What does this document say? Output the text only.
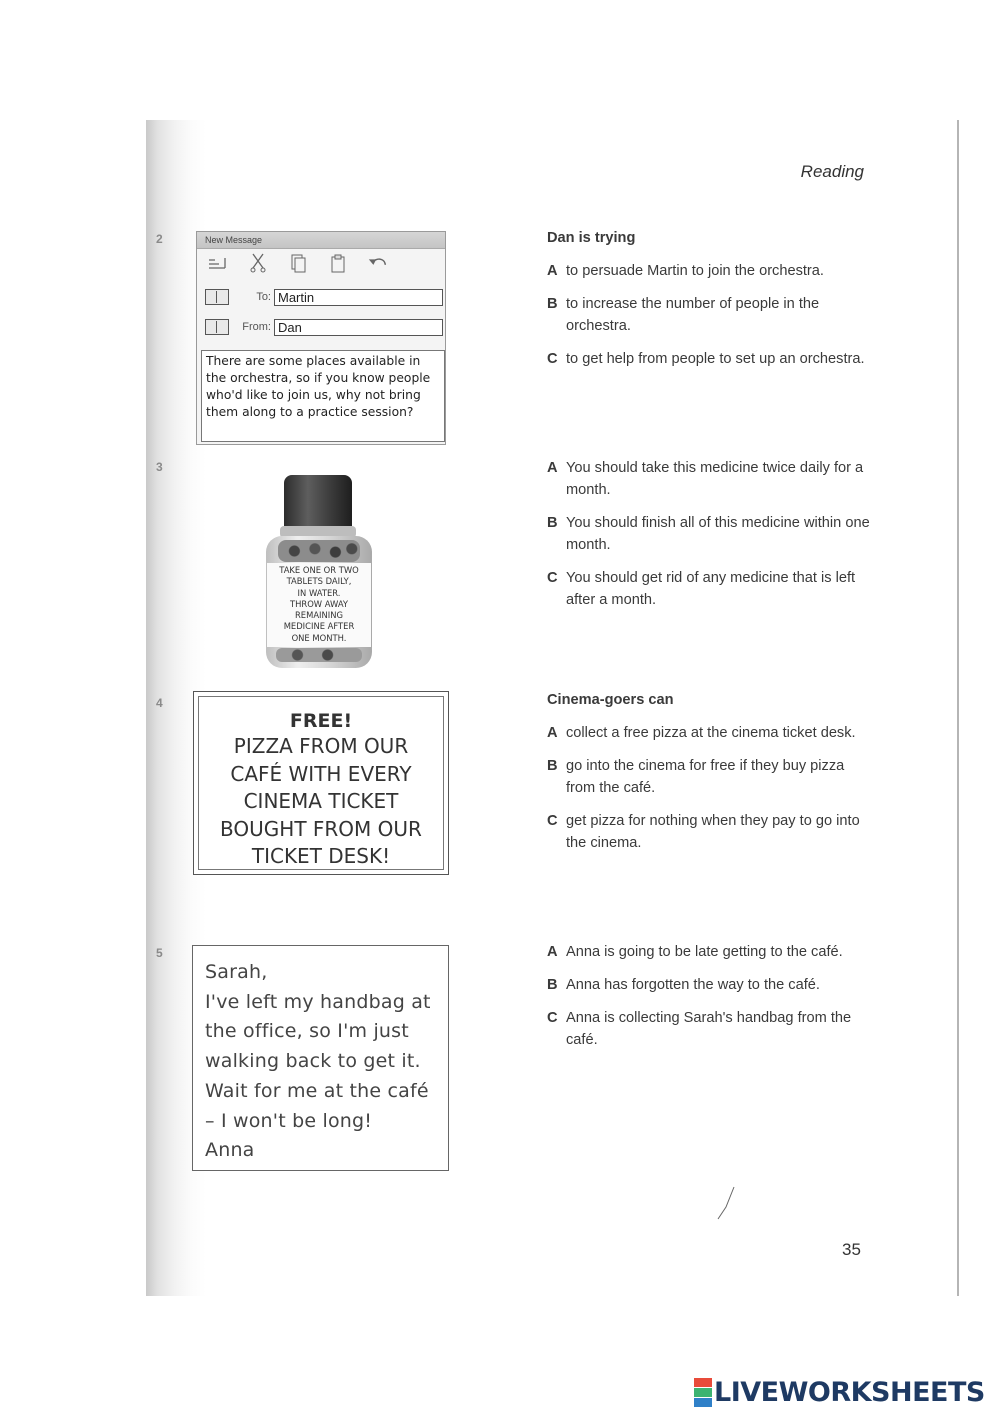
Reading
2
3
4
5
New Message
To: Martin
From: Dan
There are some places available in the orchestra, so if you know people who'd like to join us, why not bring them along to a practice session?
TAKE ONE OR TWO
TABLETS DAILY,
IN WATER.
THROW AWAY
REMAINING
MEDICINE AFTER
ONE MONTH.
FREE!
PIZZA FROM OUR
CAFÉ WITH EVERY
CINEMA TICKET
BOUGHT FROM OUR
TICKET DESK!
Sarah,
I've left my handbag at
the office, so I'm just
walking back to get it.
Wait for me at the café
– I won't be long!
Anna
Dan is trying
A to persuade Martin to join the orchestra.
B to increase the number of people in the orchestra.
C to get help from people to set up an orchestra.
A You should take this medicine twice daily for a month.
B You should finish all of this medicine within one month.
C You should get rid of any medicine that is left after a month.
Cinema-goers can
A collect a free pizza at the cinema ticket desk.
B go into the cinema for free if they buy pizza from the café.
C get pizza for nothing when they pay to go into the cinema.
A Anna is going to be late getting to the café.
B Anna has forgotten the way to the café.
C Anna is collecting Sarah's handbag from the café.
35
LIVEWORKSHEETS
